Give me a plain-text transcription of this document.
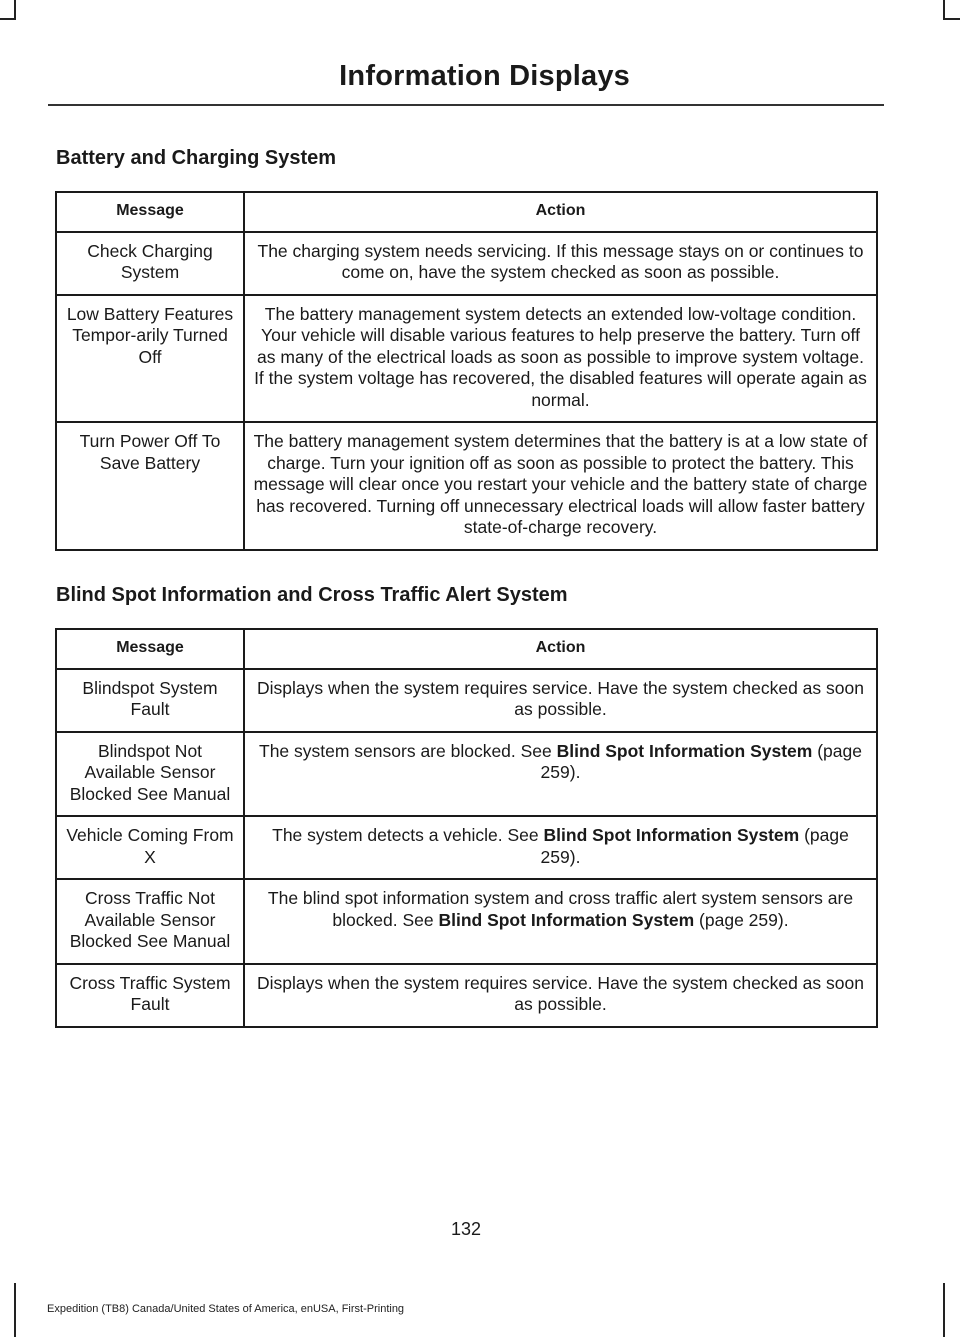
Information Displays
Battery and Charging System
Message	Action
Check Charging System	The charging system needs servicing. If this message stays on or continues to come on, have the system checked as soon as possible.
Low Battery Features Tempor-arily Turned Off	The battery management system detects an extended low-voltage condition. Your vehicle will disable various features to help preserve the battery. Turn off as many of the electrical loads as soon as possible to improve system voltage. If the system voltage has recovered, the disabled features will operate again as normal.
Turn Power Off To Save Battery	The battery management system determines that the battery is at a low state of charge. Turn your ignition off as soon as possible to protect the battery. This message will clear once you restart your vehicle and the battery state of charge has recovered. Turning off unnecessary electrical loads will allow faster battery state-of-charge recovery.
Blind Spot Information and Cross Traffic Alert System
Message	Action
Blindspot System Fault	Displays when the system requires service. Have the system checked as soon as possible.
Blindspot Not Available Sensor Blocked See Manual	The system sensors are blocked. See Blind Spot Information System (page 259).
Vehicle Coming From X	The system detects a vehicle. See Blind Spot Information System (page 259).
Cross Traffic Not Available Sensor Blocked See Manual	The blind spot information system and cross traffic alert system sensors are blocked. See Blind Spot Information System (page 259).
Cross Traffic System Fault	Displays when the system requires service. Have the system checked as soon as possible.
132
Expedition (TB8) Canada/United States of America, enUSA, First-Printing
